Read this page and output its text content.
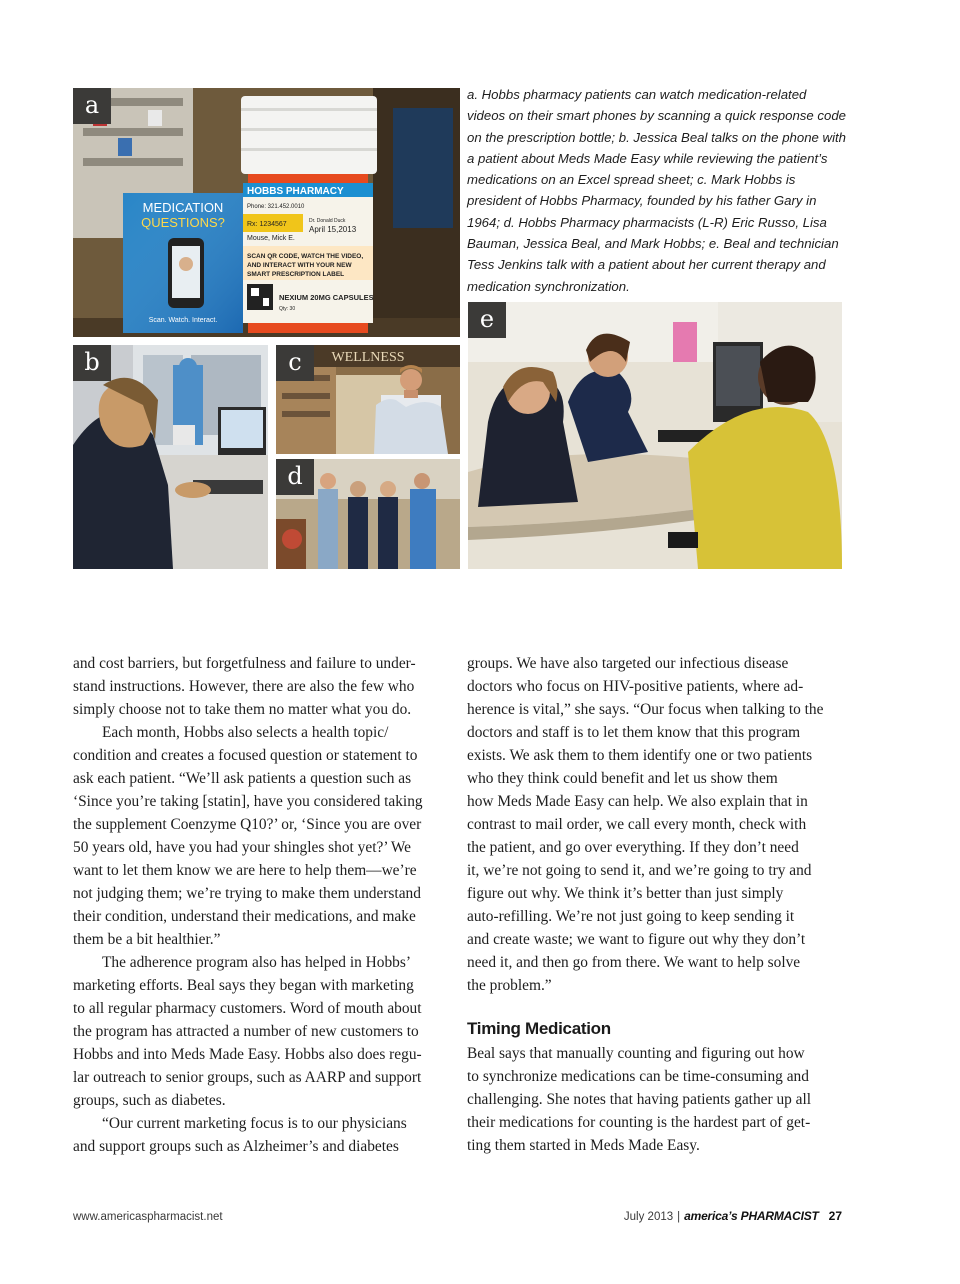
MEDICATION
QUESTIONS?
Scan. Watch. Interact.
HOBBS PHARMACY
Phone: 321.452.0010
Rx: 1234567	Dr. Donald Duck
April 15,2013
Mouse, Mick E.
SCAN QR CODE, WATCH THE VIDEO,
AND INTERACT WITH YOUR NEW
SMART PRESCRIPTION LABEL
NEXIUM 20MG CAPSULES
Qty: 30
a
b	WELLNESS
c
d

a. Hobbs pharmacy patients can watch medication-related videos on their smart phones by scanning a quick response code on the prescription bottle; b. Jessica Beal talks on the phone with a patient about Meds Made Easy while reviewing the patient’s medications on an Excel spread sheet; c. Mark Hobbs is president of Hobbs Pharmacy, founded by his father Gary in 1964; d. Hobbs Pharmacy pharmacists (L-R) Eric Russo, Lisa Bauman, Jessica Beal, and Mark Hobbs; e. Beal and technician Tess Jenkins talk with a patient about her current therapy and medication synchronization.

e

and cost barriers, but forgetfulness and failure to under-
stand instructions. However, there are also the few who
simply choose not to take them no matter what you do.

Each month, Hobbs also selects a health topic/
condition and creates a focused question or statement to
ask each patient. “We’ll ask patients a question such as
‘Since you’re taking [statin], have you considered taking
the supplement Coenzyme Q10?’ or, ‘Since you are over
50 years old, have you had your shingles shot yet?’ We
want to let them know we are here to help them—we’re
not judging them; we’re trying to make them understand
their condition, understand their medications, and make
them be a bit healthier.”

The adherence program also has helped in Hobbs’
marketing efforts. Beal says they began with marketing
to all regular pharmacy customers. Word of mouth about
the program has attracted a number of new customers to
Hobbs and into Meds Made Easy. Hobbs also does regu-
lar outreach to senior groups, such as AARP and support
groups, such as diabetes.

“Our current marketing focus is to our physicians
and support groups such as Alzheimer’s and diabetes

groups. We have also targeted our infectious disease
doctors who focus on HIV-positive patients, where ad-
herence is vital,” she says. “Our focus when talking to the
doctors and staff is to let them know that this program
exists. We ask them to them identify one or two patients
who they think could benefit and let us show them
how Meds Made Easy can help. We also explain that in
contrast to mail order, we call every month, check with
the patient, and go over everything. If they don’t need
it, we’re not going to send it, and we’re going to try and
figure out why. We think it’s better than just simply
auto-refilling. We’re not just going to keep sending it
and create waste; we want to figure out why they don’t
need it, and then go from there. We want to help solve
the problem.”

Timing Medication

Beal says that manually counting and figuring out how
to synchronize medications can be time-consuming and
challenging. She notes that having patients gather up all
their medications for counting is the hardest part of get-
ting them started in Meds Made Easy.

www.americaspharmacist.net	July 2013 | america’s PHARMACIST 27
